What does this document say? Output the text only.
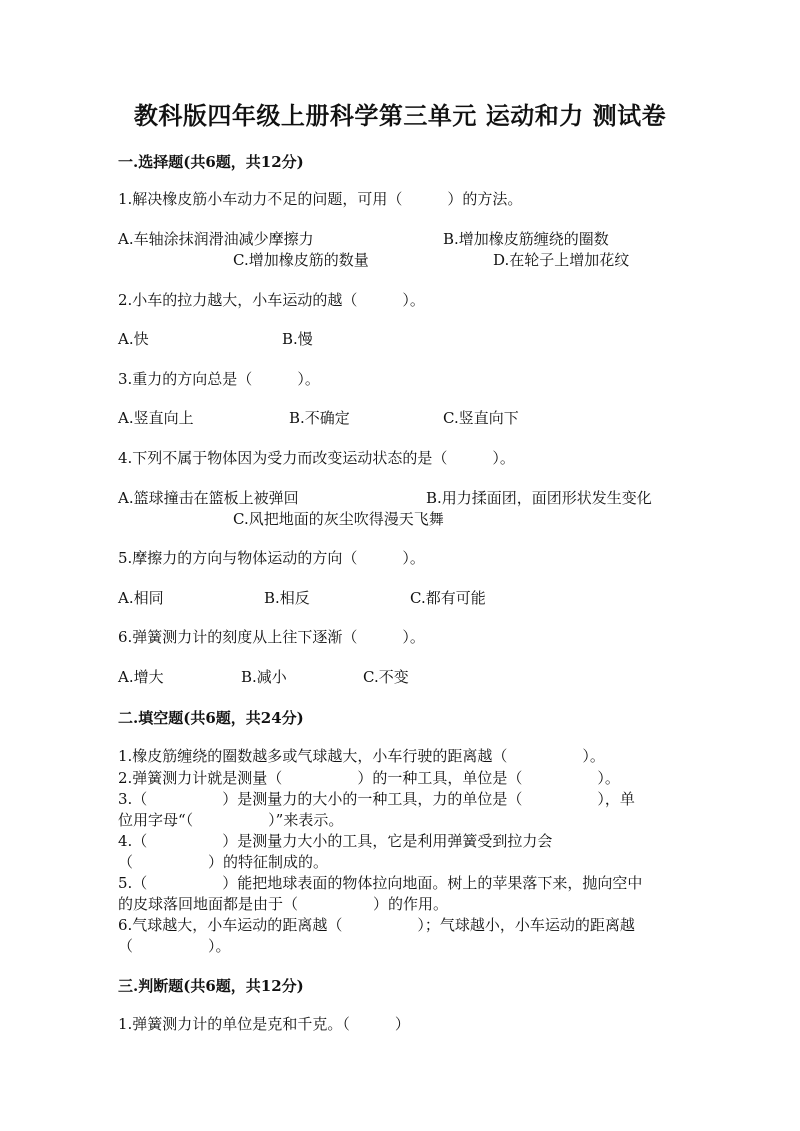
教科版四年级上册科学第三单元 运动和力 测试卷
一.选择题(共6题，共12分)
1.解决橡皮筋小车动力不足的问题，可用（　　　）的方法。
A.车轴涂抹润滑油减少摩擦力	B.增加橡皮筋缠绕的圈数
C.增加橡皮筋的数量	D.在轮子上增加花纹
2.小车的拉力越大，小车运动的越（　　　）。
A.快	B.慢
3.重力的方向总是（　　　）。
A.竖直向上	B.不确定	C.竖直向下
4.下列不属于物体因为受力而改变运动状态的是（　　　）。
A.篮球撞击在篮板上被弹回	B.用力揉面团，面团形状发生变化
C.风把地面的灰尘吹得漫天飞舞
5.摩擦力的方向与物体运动的方向（　　　）。
A.相同	B.相反	C.都有可能
6.弹簧测力计的刻度从上往下逐渐（　　　）。
A.增大	B.减小	C.不变
二.填空题(共6题，共24分)
1.橡皮筋缠绕的圈数越多或气球越大，小车行驶的距离越（　　　　　）。
2.弹簧测力计就是测量（　　　　　）的一种工具，单位是（　　　　　）。
3.（　　　　　）是测量力的大小的一种工具，力的单位是（　　　　　），单
位用字母“（　　　　　）”来表示。
4.（　　　　　）是测量力大小的工具，它是利用弹簧受到拉力会
（　　　　　）的特征制成的。
5.（　　　　　）能把地球表面的物体拉向地面。树上的苹果落下来，抛向空中
的皮球落回地面都是由于（　　　　　）的作用。
6.气球越大，小车运动的距离越（　　　　　）；气球越小，小车运动的距离越
（　　　　　）。
三.判断题(共6题，共12分)
1.弹簧测力计的单位是克和千克。（　　　）
